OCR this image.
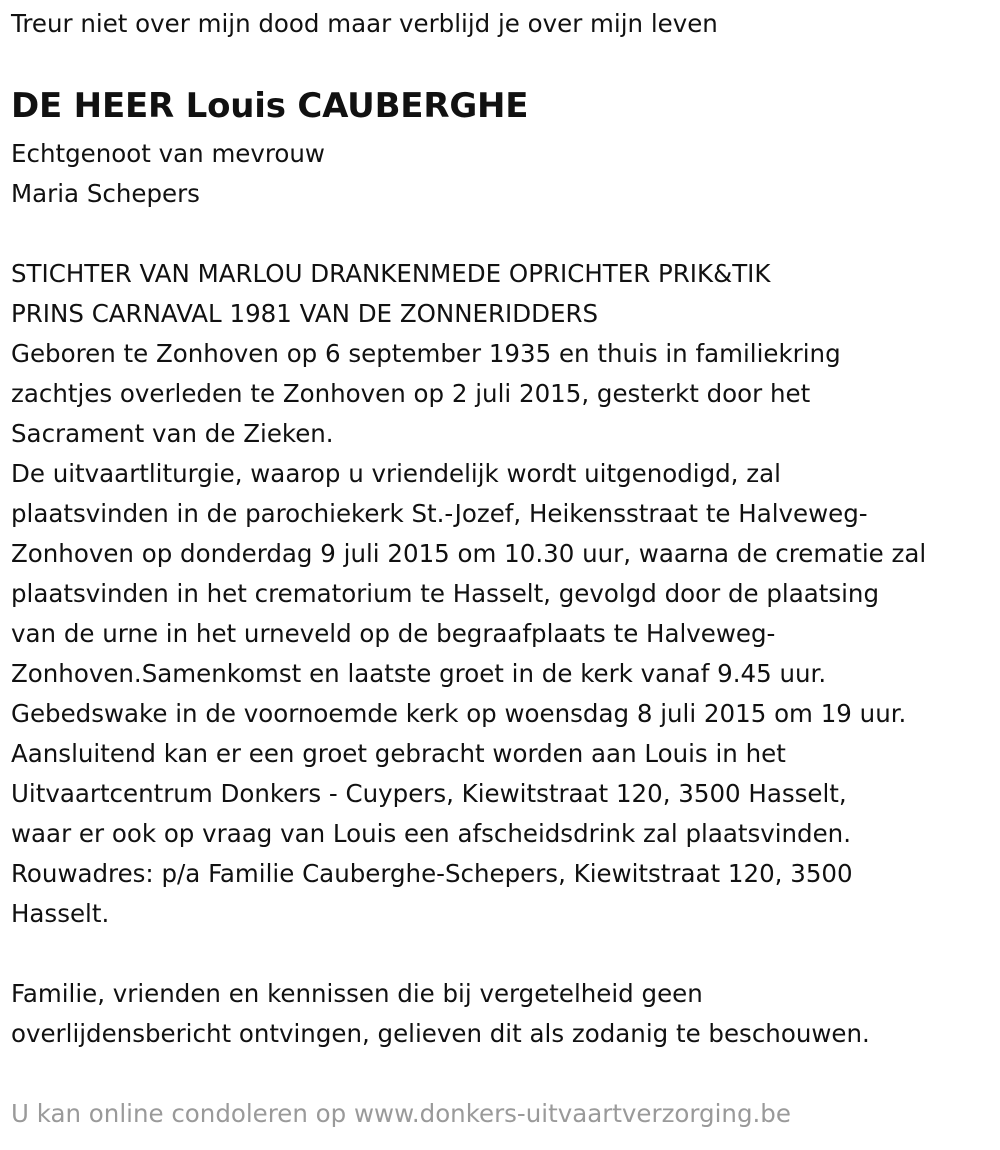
Treur niet over mijn dood maar verblijd je over mijn leven
DE HEER Louis CAUBERGHE
Echtgenoot van mevrouw
Maria Schepers
STICHTER VAN MARLOU DRANKENMEDE OPRICHTER PRIK&TIK
PRINS CARNAVAL 1981 VAN DE ZONNERIDDERS
Geboren te Zonhoven op 6 september 1935 en thuis in familiekring
zachtjes overleden te Zonhoven op 2 juli 2015, gesterkt door het
Sacrament van de Zieken.
De uitvaartliturgie, waarop u vriendelijk wordt uitgenodigd, zal
plaatsvinden in de parochiekerk St.-Jozef, Heikensstraat te Halveweg-
Zonhoven op donderdag 9 juli 2015 om 10.30 uur, waarna de crematie zal
plaatsvinden in het crematorium te Hasselt, gevolgd door de plaatsing
van de urne in het urneveld op de begraafplaats te Halveweg-
Zonhoven.Samenkomst en laatste groet in de kerk vanaf 9.45 uur.
Gebedswake in de voornoemde kerk op woensdag 8 juli 2015 om 19 uur.
Aansluitend kan er een groet gebracht worden aan Louis in het
Uitvaartcentrum Donkers - Cuypers, Kiewitstraat 120, 3500 Hasselt,
waar er ook op vraag van Louis een afscheidsdrink zal plaatsvinden.
Rouwadres: p/a Familie Cauberghe-Schepers, Kiewitstraat 120, 3500
Hasselt.
Familie, vrienden en kennissen die bij vergetelheid geen
overlijdensbericht ontvingen, gelieven dit als zodanig te beschouwen.
U kan online condoleren op www.donkers-uitvaartverzorging.be
